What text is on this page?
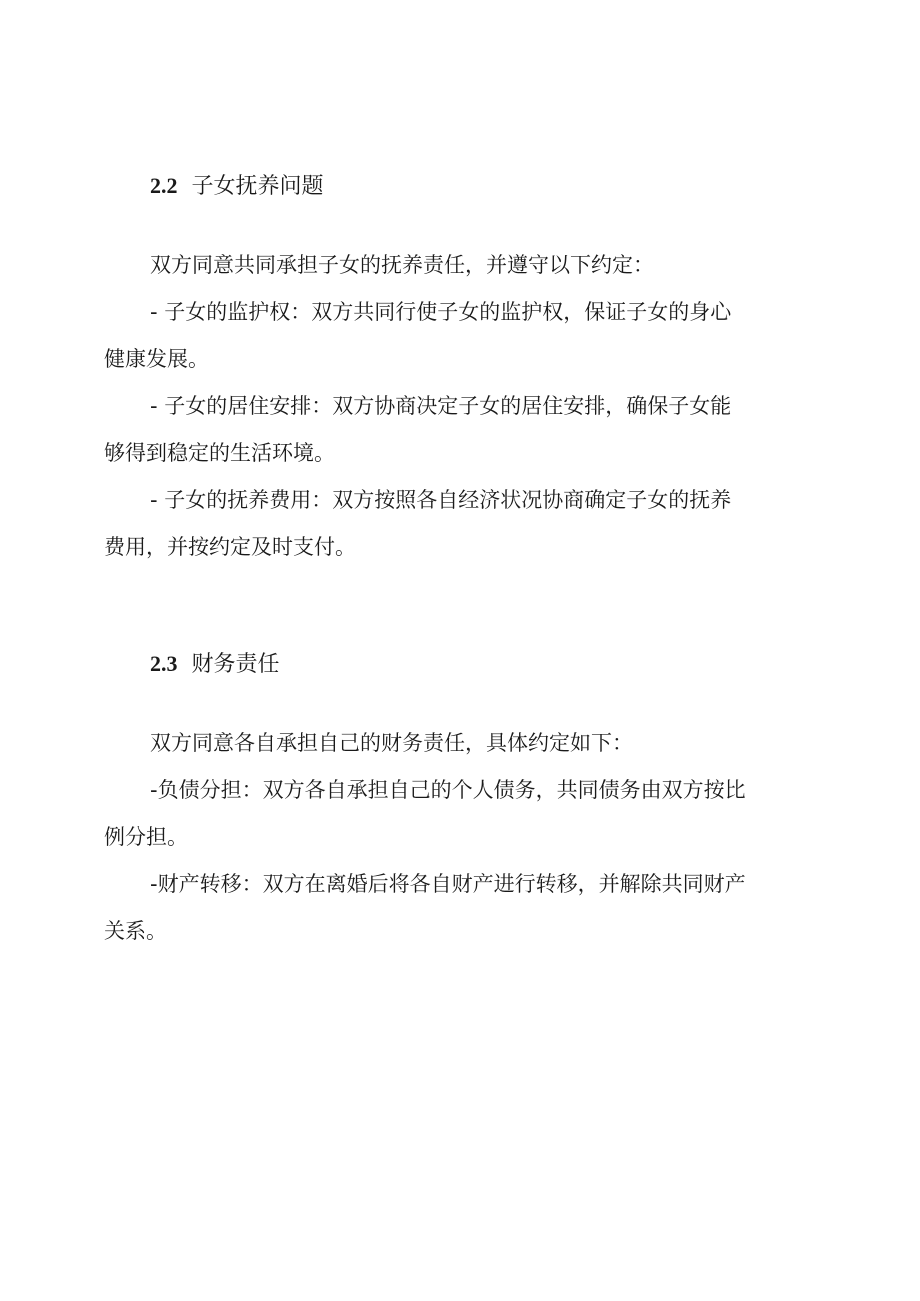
2.2 子女抚养问题
双方同意共同承担子女的抚养责任，并遵守以下约定：
- 子女的监护权：双方共同行使子女的监护权，保证子女的身心
健康发展。
- 子女的居住安排：双方协商决定子女的居住安排，确保子女能
够得到稳定的生活环境。
- 子女的抚养费用：双方按照各自经济状况协商确定子女的抚养
费用，并按约定及时支付。
2.3 财务责任
双方同意各自承担自己的财务责任，具体约定如下：
-负债分担：双方各自承担自己的个人债务，共同债务由双方按比
例分担。
-财产转移：双方在离婚后将各自财产进行转移，并解除共同财产
关系。
